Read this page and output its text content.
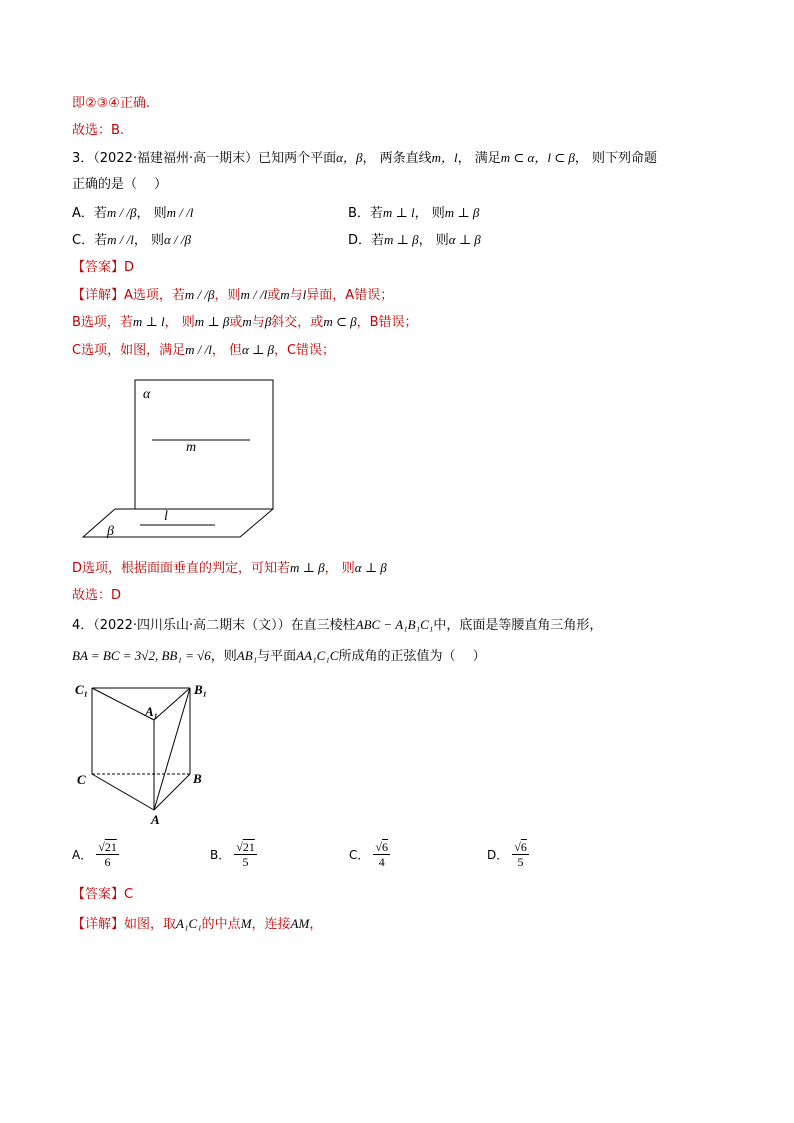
即②③④正确.
故选：B.
3．（2022·福建福州·高一期末）已知两个平面α，β， 两条直线m，l， 满足m ⊂ α，l ⊂ β， 则下列命题
正确的是（　 ）
A．若m / /β， 则m / /l	B．若m ⊥ l， 则m ⊥ β
C．若m / /l， 则α / /β	D．若m ⊥ β， 则α ⊥ β
【答案】D
【详解】A选项，若m / /β，则m / /l或m与l异面，A错误；
B选项，若m ⊥ l， 则m ⊥ β或m与β斜交，或m ⊂ β，B错误；
C选项，如图，满足m / /l， 但α ⊥ β，C错误；
α
m
l
β
D选项，根据面面垂直的判定，可知若m ⊥ β， 则α ⊥ β
故选：D
4．（2022·四川乐山·高二期末（文））在直三棱柱ABC − A₁B₁C₁中，底面是等腰直角三角形，
BA = BC = 3√2, BB₁ = √6，则AB₁与平面AA₁C₁C所成角的正弦值为（　 ）
C₁
A₁
B₁
C	B
A
A． $\frac{√21}{6}$	B． $\frac{√21}{5}$	C． $\frac{√6}{4}$	D． $\frac{√6}{5}$
【答案】C
【详解】如图，取A₁C₁的中点M，连接AM，
